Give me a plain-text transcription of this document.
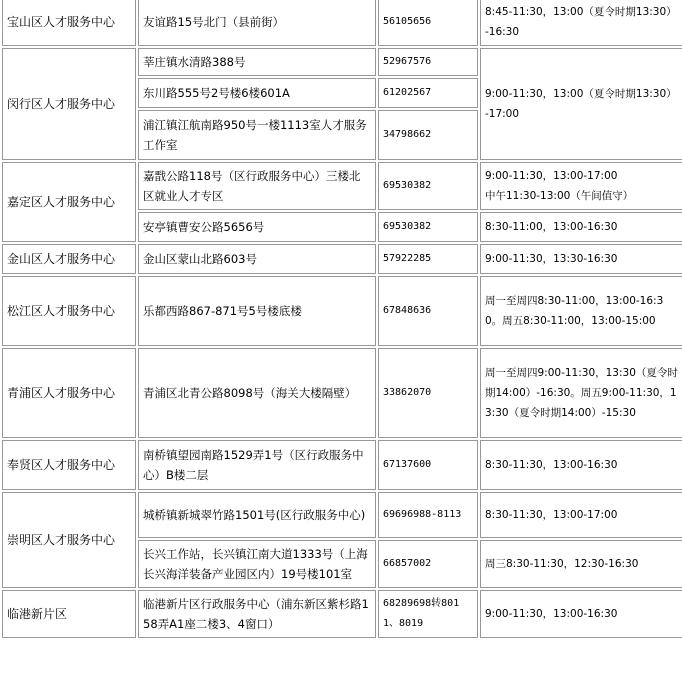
宝山区人才服务中心	友谊路15号北门（县前街）	56105656	8:45-11:30，13:00（夏令时期13:30）-16:30
闵行区人才服务中心	莘庄镇水清路388号	52967576	9:00-11:30，13:00（夏令时期13:30）-17:00
	东川路555号2号楼6楼601A	61202567	
	浦江镇江航南路950号一楼1113室人才服务工作室	34798662	
嘉定区人才服务中心	嘉戬公路118号（区行政服务中心）三楼北区就业人才专区	69530382	9:00-11:30，13:00-17:00
中午11:30-13:00（午间值守）
	安亭镇曹安公路5656号	69530382	8:30-11:00，13:00-16:30
金山区人才服务中心	金山区蒙山北路603号	57922285	9:00-11:30，13:30-16:30
松江区人才服务中心	乐都西路867-871号5号楼底楼	67848636	周一至周四8:30-11:00，13:00-16:30。周五8:30-11:00，13:00-15:00
青浦区人才服务中心	青浦区北青公路8098号（海关大楼隔壁）	33862070	周一至周四9:00-11:30，13:30（夏令时期14:00）-16:30。周五9:00-11:30，13:30（夏令时期14:00）-15:30
奉贤区人才服务中心	南桥镇望园南路1529弄1号（区行政服务中心）B楼二层	67137600	8:30-11:30，13:00-16:30
崇明区人才服务中心	城桥镇新城翠竹路1501号(区行政服务中心)	69696988-8113	8:30-11:30，13:00-17:00
	长兴工作站，长兴镇江南大道1333号（上海长兴海洋装备产业园区内）19号楼101室	66857002	周三8:30-11:30，12:30-16:30
临港新片区	临港新片区行政服务中心（浦东新区紫杉路158弄A1座二楼3、4窗口）	68289698转8011、8019	9:00-11:30，13:00-16:30
